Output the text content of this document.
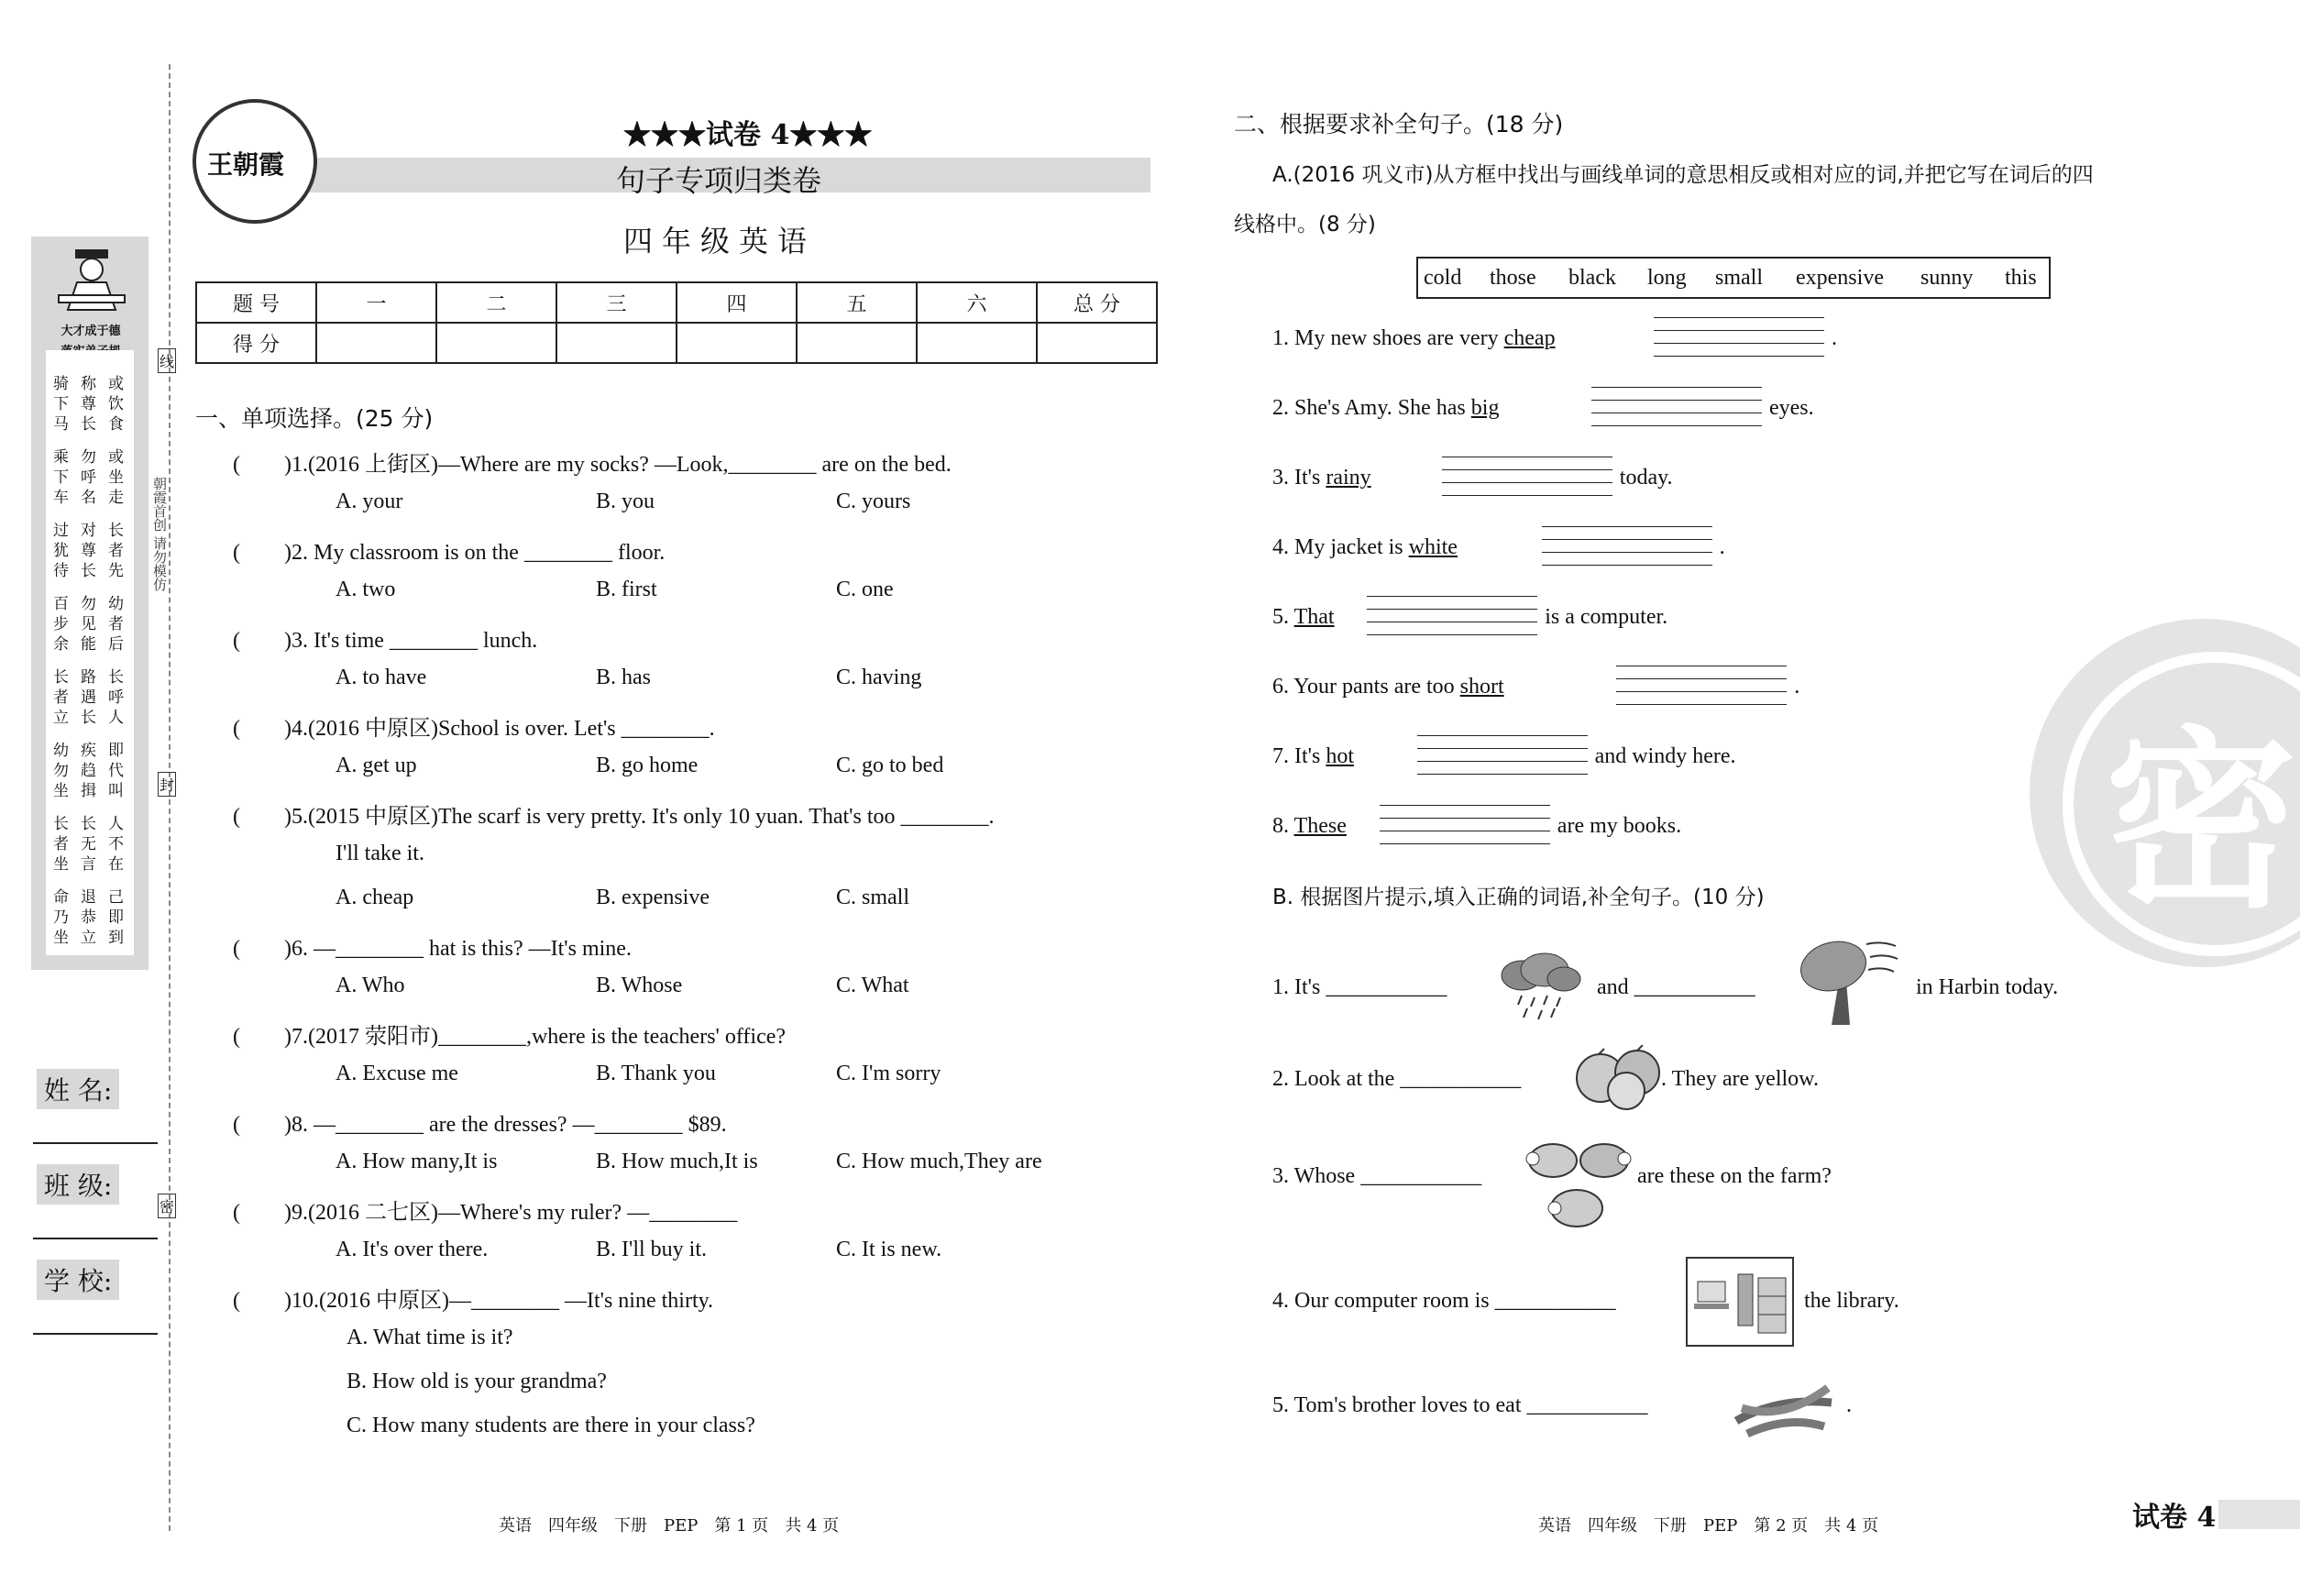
大才成于德
骑
下
马
称
尊
长
或
饮
食
乘
下
车
勿
呼
名
或
坐
走
过
犹
待
对
尊
长
长
者
先
百
步
余
勿
见
能
幼
者
后
长
者
立
路
遇
长
长
呼
人
幼
勿
坐
疾
趋
揖
即
代
叫
长
者
坐
长
无
言
人
不
在
命
乃
坐
退
恭
立
己
即
到
姓 名:
班 级:
学 校:
朝霞首创 请勿模仿
线
封
密
王朝霞
★★★试卷 4★★★
句子专项归类卷
四年级英语
题 号	一	二	三	四	五	六	总 分
得 分							
一、单项选择。(25 分)
(　　)1.(2016 上街区)—Where are my socks? —Look,________ are on the bed.
A. your	B. you	C. yours
(　　)2. My classroom is on the ________ floor.
A. two	B. first	C. one
(　　)3. It's time ________ lunch.
A. to have	B. has	C. having
(　　)4.(2016 中原区)School is over. Let's ________.
A. get up	B. go home	C. go to bed
(　　)5.(2015 中原区)The scarf is very pretty. It's only 10 yuan. That's too ________.
I'll take it.
A. cheap	B. expensive	C. small
(　　)6. —________ hat is this? —It's mine.
A. Who	B. Whose	C. What
(　　)7.(2017 荥阳市)________,where is the teachers' office?
A. Excuse me	B. Thank you	C. I'm sorry
(　　)8. —________ are the dresses? —________ $89.
A. How many,It is	B. How much,It is	C. How much,They are
(　　)9.(2016 二七区)—Where's my ruler? —________
A. It's over there.	B. I'll buy it.	C. It is new.
(　　)10.(2016 中原区)—________ —It's nine thirty.
A. What time is it?
B. How old is your grandma?
C. How many students are there in your class?
二、根据要求补全句子。(18 分)
A.(2016 巩义市)从方框中找出与画线单词的意思相反或相对应的词,并把它写在词后的四
线格中。(8 分)
cold those black long small expensive sunny this
1. My new shoes are very cheap	.
2. She's Amy. She has big	eyes.
3. It's rainy	today.
4. My jacket is white	.
5. That	is a computer.
6. Your pants are too short	.
7. It's hot	and windy here.
8. These	are my books.
B. 根据图片提示,填入正确的词语,补全句子。(10 分)
1. It's ___________	and ___________	in Harbin today.
2. Look at the ___________	. They are yellow.
3. Whose ___________	are these on the farm?
4. Our computer room is ___________	the library.
5. Tom's brother loves to eat ___________	.
密
英语　四年级　下册　PEP　第 1 页　共 4 页	英语　四年级　下册　PEP　第 2 页　共 4 页	试卷 4
